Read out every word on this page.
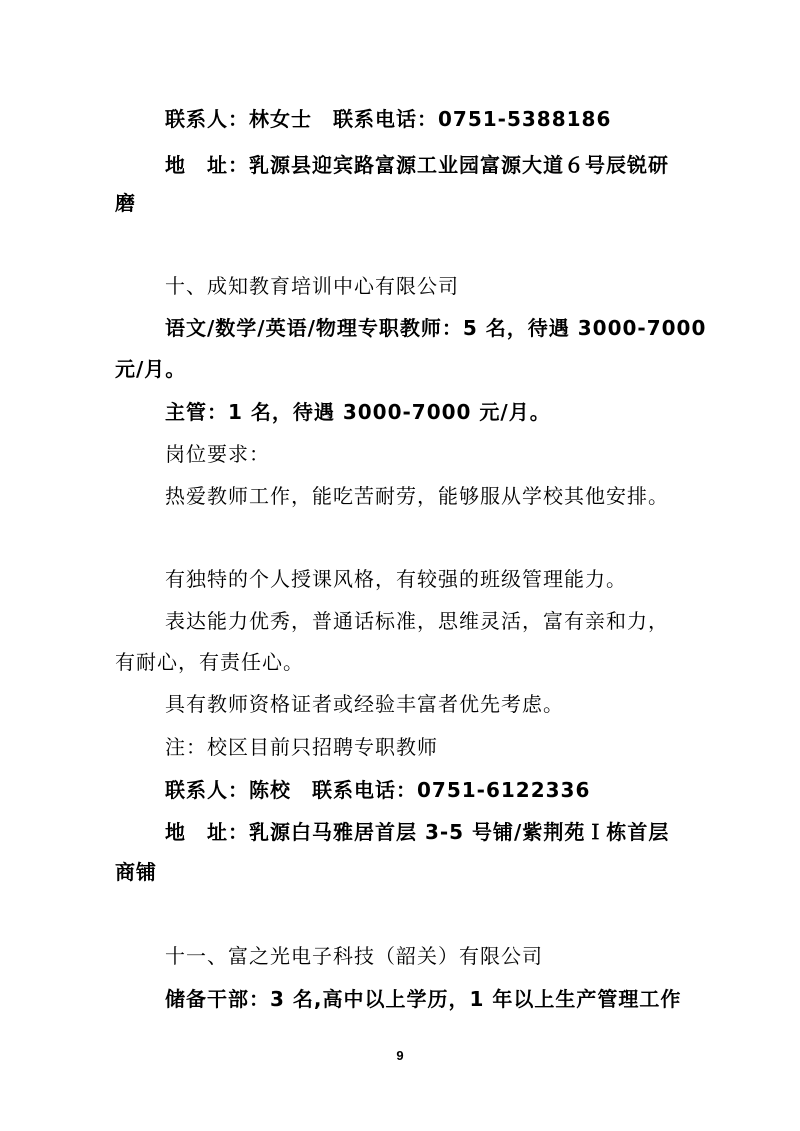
联系人：林女士　联系电话：0751-5388186
地　址：乳源县迎宾路富源工业园富源大道６号辰锐研
磨
十、成知教育培训中心有限公司
语文/数学/英语/物理专职教师：5 名，待遇 3000-7000
元/月。
主管：1 名，待遇 3000-7000 元/月。
岗位要求：
热爱教师工作，能吃苦耐劳，能够服从学校其他安排。
有独特的个人授课风格，有较强的班级管理能力。
表达能力优秀，普通话标准，思维灵活，富有亲和力，
有耐心，有责任心。
具有教师资格证者或经验丰富者优先考虑。
注：校区目前只招聘专职教师
联系人：陈校　联系电话：0751-6122336
地　址：乳源白马雅居首层 3-5 号铺/紫荆苑Ｉ栋首层
商铺
十一、富之光电子科技（韶关）有限公司
储备干部：3 名,高中以上学历，1 年以上生产管理工作
9
